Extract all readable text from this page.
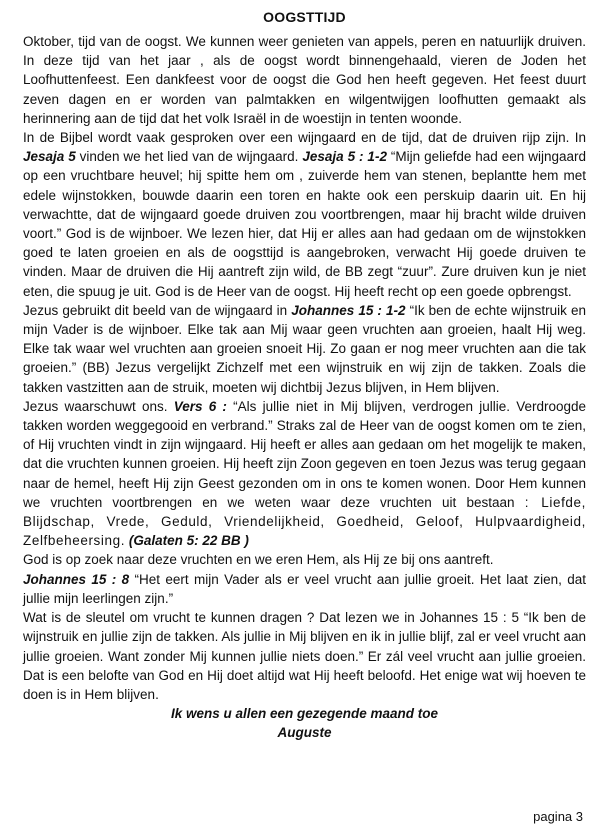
OOGSTTIJD

Oktober, tijd van de oogst. We kunnen weer genieten van appels, peren en natuurlijk druiven. In deze tijd van het jaar , als de oogst wordt binnengehaald, vieren de Joden het Loofhuttenfeest. Een dankfeest voor de oogst die God hen heeft gegeven. Het feest duurt zeven dagen en er worden van palmtakken en wilgentwijgen loofhutten gemaakt als herinnering aan de tijd dat het volk Israël in de woestijn in tenten woonde.

In de Bijbel wordt vaak gesproken over een wijngaard en de tijd, dat de druiven rijp zijn. In Jesaja 5 vinden we het lied van de wijngaard. Jesaja 5 : 1-2 “Mijn geliefde had een wijngaard op een vruchtbare heuvel; hij spitte hem om , zuiverde hem van stenen, beplantte hem met edele wijnstokken, bouwde daarin een toren en hakte ook een perskuip daarin uit. En hij verwachtte, dat de wijngaard goede druiven zou voortbrengen, maar hij bracht wilde druiven voort.” God is de wijnboer. We lezen hier, dat Hij er alles aan had gedaan om de wijnstokken goed te laten groeien en als de oogsttijd is aangebroken, verwacht Hij goede druiven te vinden. Maar de druiven die Hij aantreft zijn wild, de BB zegt “zuur”. Zure druiven kun je niet eten, die spuug je uit. God is de Heer van de oogst. Hij heeft recht op een goede opbrengst.

Jezus gebruikt dit beeld van de wijngaard in Johannes 15 : 1-2 “Ik ben de echte wijnstruik en mijn Vader is de wijnboer. Elke tak aan Mij waar geen vruchten aan groeien, haalt Hij weg. Elke tak waar wel vruchten aan groeien snoeit Hij. Zo gaan er nog meer vruchten aan die tak groeien.” (BB) Jezus vergelijkt Zichzelf met een wijnstruik en wij zijn de takken. Zoals die takken vastzitten aan de struik, moeten wij dichtbij Jezus blijven, in Hem blijven.

Jezus waarschuwt ons. Vers 6 : “Als jullie niet in Mij blijven, verdrogen jullie. Verdroogde takken worden weggegooid en verbrand.” Straks zal de Heer van de oogst komen om te zien, of Hij vruchten vindt in zijn wijngaard. Hij heeft er alles aan gedaan om het mogelijk te maken, dat die vruchten kunnen groeien. Hij heeft zijn Zoon gegeven en toen Jezus was terug gegaan naar de hemel, heeft Hij zijn Geest gezonden om in ons te komen wonen. Door Hem kunnen we vruchten voortbrengen en we weten waar deze vruchten uit bestaan : Liefde, Blijdschap, Vrede, Geduld, Vriendelijkheid, Goedheid, Geloof, Hulpvaardigheid, Zelfbeheersing. (Galaten 5: 22 BB )

God is op zoek naar deze vruchten en we eren Hem, als Hij ze bij ons aantreft.

Johannes 15 : 8 “Het eert mijn Vader als er veel vrucht aan jullie groeit. Het laat zien, dat jullie mijn leerlingen zijn.”

Wat is de sleutel om vrucht te kunnen dragen ? Dat lezen we in Johannes 15 : 5 “Ik ben de wijnstruik en jullie zijn de takken. Als jullie in Mij blijven en ik in jullie blijf, zal er veel vrucht aan jullie groeien. Want zonder Mij kunnen jullie niets doen.” Er zál veel vrucht aan jullie groeien. Dat is een belofte van God en Hij doet altijd wat Hij heeft beloofd. Het enige wat wij hoeven te doen is in Hem blijven.

Ik wens u allen een gezegende maand toe

Auguste

pagina 3
